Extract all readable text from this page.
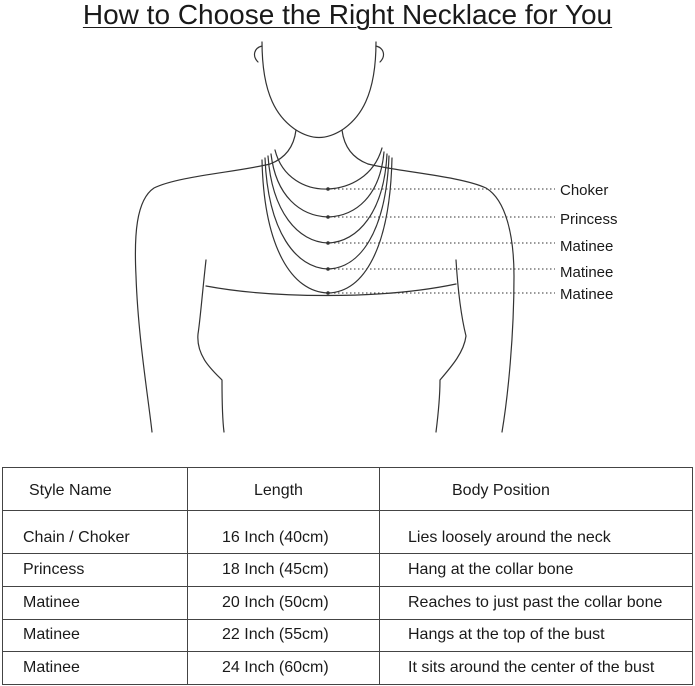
How to Choose the Right Necklace for You
Choker
Princess
Matinee
Matinee
Matinee
Style Name	Length	Body Position
Chain / Choker	16 Inch (40cm)	Lies loosely around the neck
Princess	18 Inch (45cm)	Hang at the collar bone
Matinee	20 Inch (50cm)	Reaches to just past the collar bone
Matinee	22 Inch (55cm)	Hangs at the top of the bust
Matinee	24 Inch (60cm)	It sits around the center of the bust
